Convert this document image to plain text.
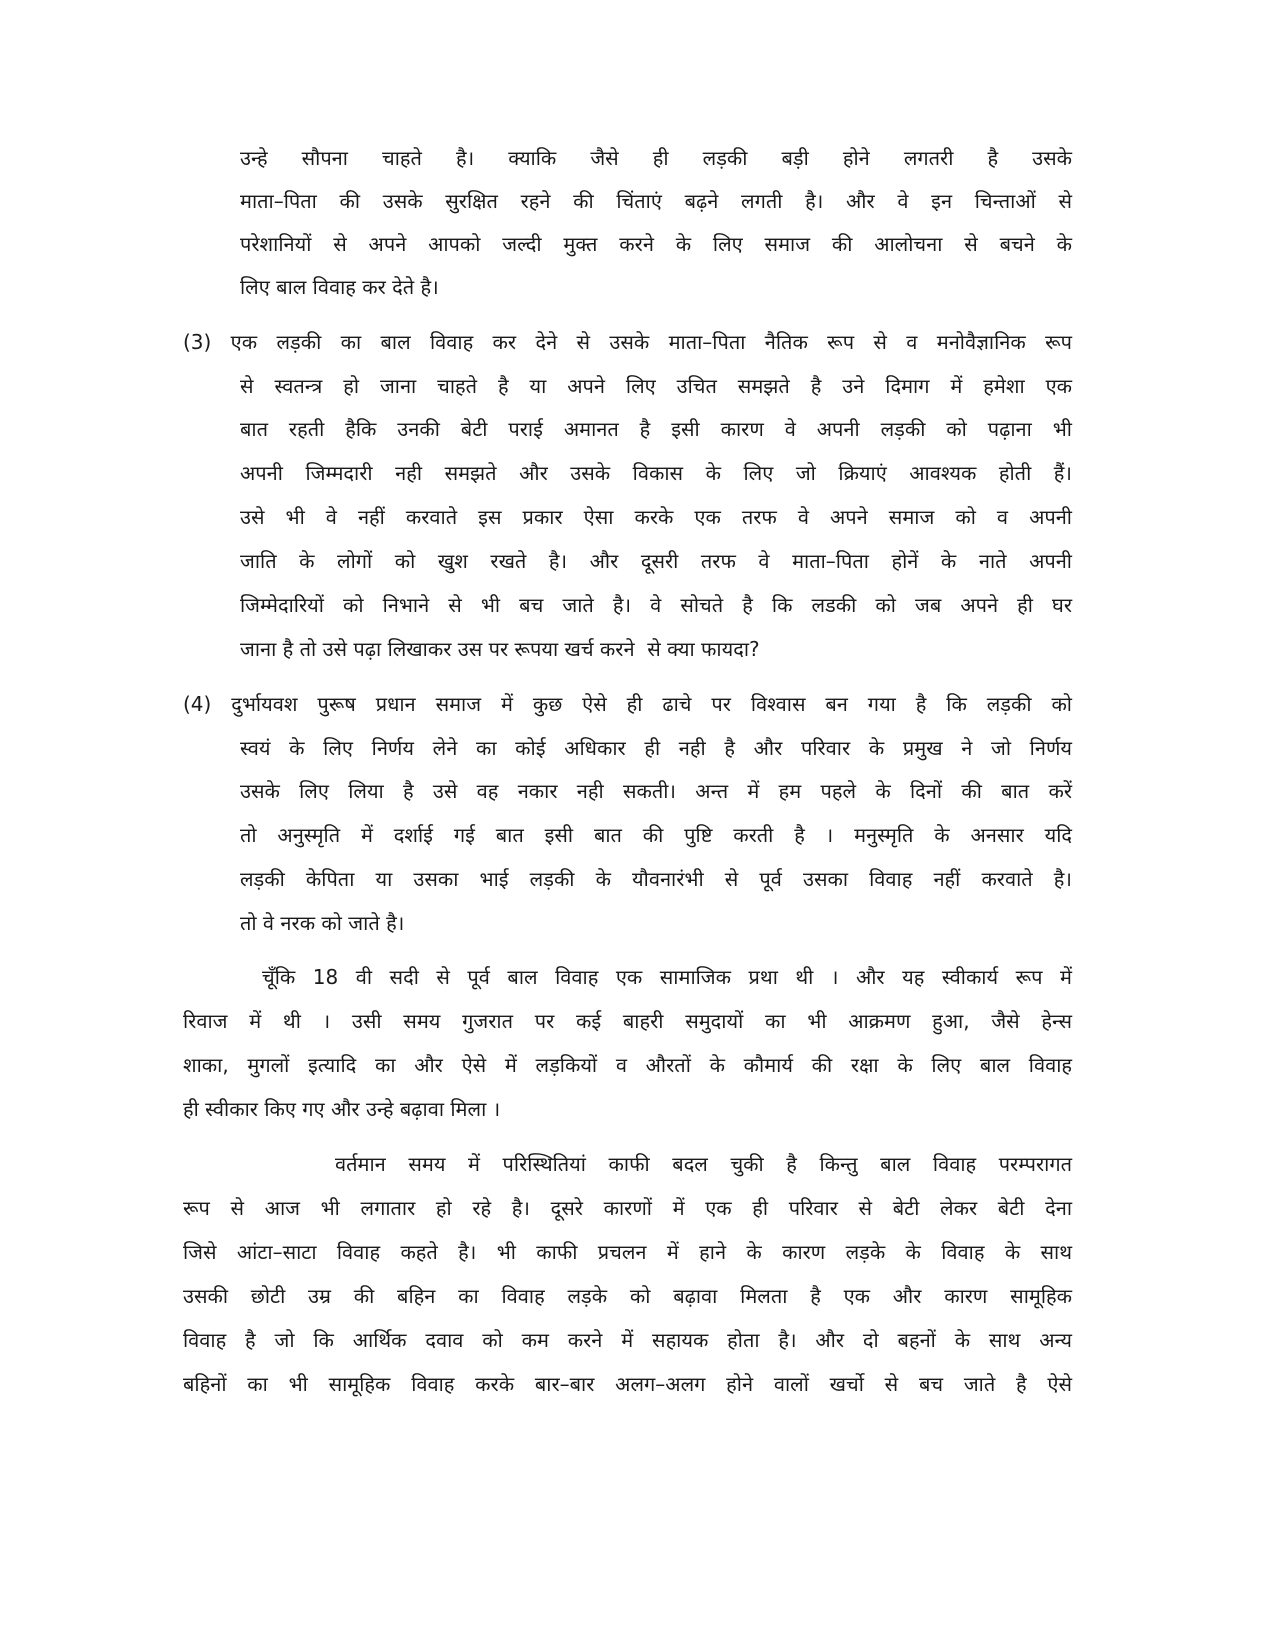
उन्हे सौपना चाहते है। क्याकि जैसे ही लड़की बड़ी होने लगतरी है उसके
माता–पिता की उसके सुरक्षित रहने की चिंताएं बढ़ने लगती है। और वे इन चिन्ताओं से
परेशानियों से अपने आपको जल्दी मुक्त करने के लिए समाज की आलोचना से बचने के
लिए बाल विवाह कर देते है।
(3) एक लड़की का बाल विवाह कर देने से उसके माता–पिता नैतिक रूप से व मनोवैज्ञानिक रूप
से स्वतन्त्र हो जाना चाहते है या अपने लिए उचित समझते है उने दिमाग में हमेशा एक
बात रहती हैकि उनकी बेटी पराई अमानत है इसी कारण वे अपनी लड़की को पढ़ाना भी
अपनी जिम्मदारी नही समझते और उसके विकास के लिए जो क्रियाएं आवश्यक होती हैं।
उसे भी वे नहीं करवाते इस प्रकार ऐसा करके एक तरफ वे अपने समाज को व अपनी
जाति के लोगों को खुश रखते है। और दूसरी तरफ वे माता–पिता होनें के नाते अपनी
जिम्मेदारियों को निभाने से भी बच जाते है। वे सोचते है कि लडकी को जब अपने ही घर
जाना है तो उसे पढ़ा लिखाकर उस पर रूपया खर्च करने  से क्या फायदा?
(4) दुर्भायवश पुरूष प्रधान समाज में कुछ ऐसे ही ढाचे पर विश्वास बन गया है कि लड़की को
स्वयं के लिए निर्णय लेने का कोई अधिकार ही नही है और परिवार के प्रमुख ने जो निर्णय
उसके लिए लिया है उसे वह नकार नही सकती। अन्त में हम पहले के दिनों की बात करें
तो अनुस्मृति में दर्शाई गई बात इसी बात की पुष्टि करती है । मनुस्मृति के अनसार यदि
लड़की केपिता या उसका भाई लड़की के यौवनारंभी से पूर्व उसका विवाह नहीं करवाते है।
तो वे नरक को जाते है।
चूँकि 18 वी सदी से पूर्व बाल विवाह एक सामाजिक प्रथा थी । और यह स्वीकार्य रूप में
रिवाज में थी । उसी समय गुजरात पर कई बाहरी समुदायों का भी आक्रमण हुआ, जैसे हेन्स
शाका, मुगलों इत्यादि का और ऐसे में लड़कियों व औरतों के कौमार्य की रक्षा के लिए बाल विवाह
ही स्वीकार किए गए और उन्हे बढ़ावा मिला ।
वर्तमान समय में परिस्थितियां काफी बदल चुकी है किन्तु बाल विवाह परम्परागत
रूप से आज भी लगातार हो रहे है। दूसरे कारणों में एक ही परिवार से बेटी लेकर बेटी देना
जिसे आंटा–साटा विवाह कहते है। भी काफी प्रचलन में हाने के कारण लड़के के विवाह के साथ
उसकी छोटी उम्र की बहिन का विवाह लड़के को बढ़ावा मिलता है एक और कारण सामूहिक
विवाह है जो कि आर्थिक दवाव को कम करने में सहायक होता है। और दो बहनों के साथ अन्य
बहिनों का भी सामूहिक विवाह करके बार–बार अलग–अलग होने वालों खर्चो से बच जाते है ऐसे
